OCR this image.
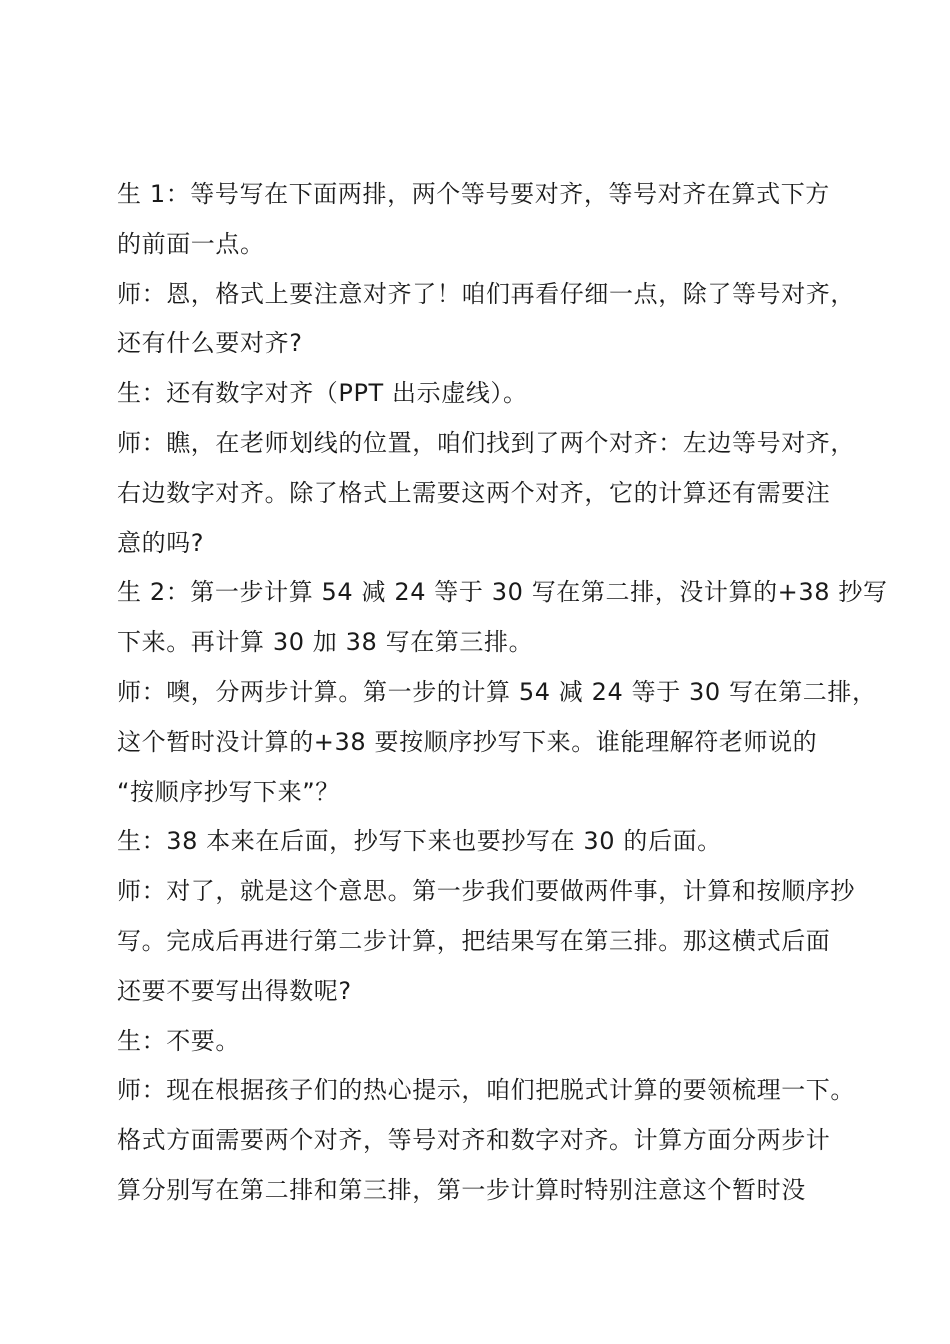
生 1：等号写在下面两排，两个等号要对齐，等号对齐在算式下方
的前面一点。
师：恩，格式上要注意对齐了！咱们再看仔细一点，除了等号对齐，
还有什么要对齐?
生：还有数字对齐（PPT 出示虚线）。
师：瞧，在老师划线的位置，咱们找到了两个对齐：左边等号对齐，
右边数字对齐。除了格式上需要这两个对齐，它的计算还有需要注
意的吗?
生 2：第一步计算 54 减 24 等于 30 写在第二排，没计算的+38 抄写
下来。再计算 30 加 38 写在第三排。
师：噢，分两步计算。第一步的计算 54 减 24 等于 30 写在第二排，
这个暂时没计算的+38 要按顺序抄写下来。谁能理解符老师说的
“按顺序抄写下来”？
生：38 本来在后面，抄写下来也要抄写在 30 的后面。
师：对了，就是这个意思。第一步我们要做两件事，计算和按顺序抄
写。完成后再进行第二步计算，把结果写在第三排。那这横式后面
还要不要写出得数呢?
生：不要。
师：现在根据孩子们的热心提示，咱们把脱式计算的要领梳理一下。
格式方面需要两个对齐，等号对齐和数字对齐。计算方面分两步计
算分别写在第二排和第三排，第一步计算时特别注意这个暂时没
